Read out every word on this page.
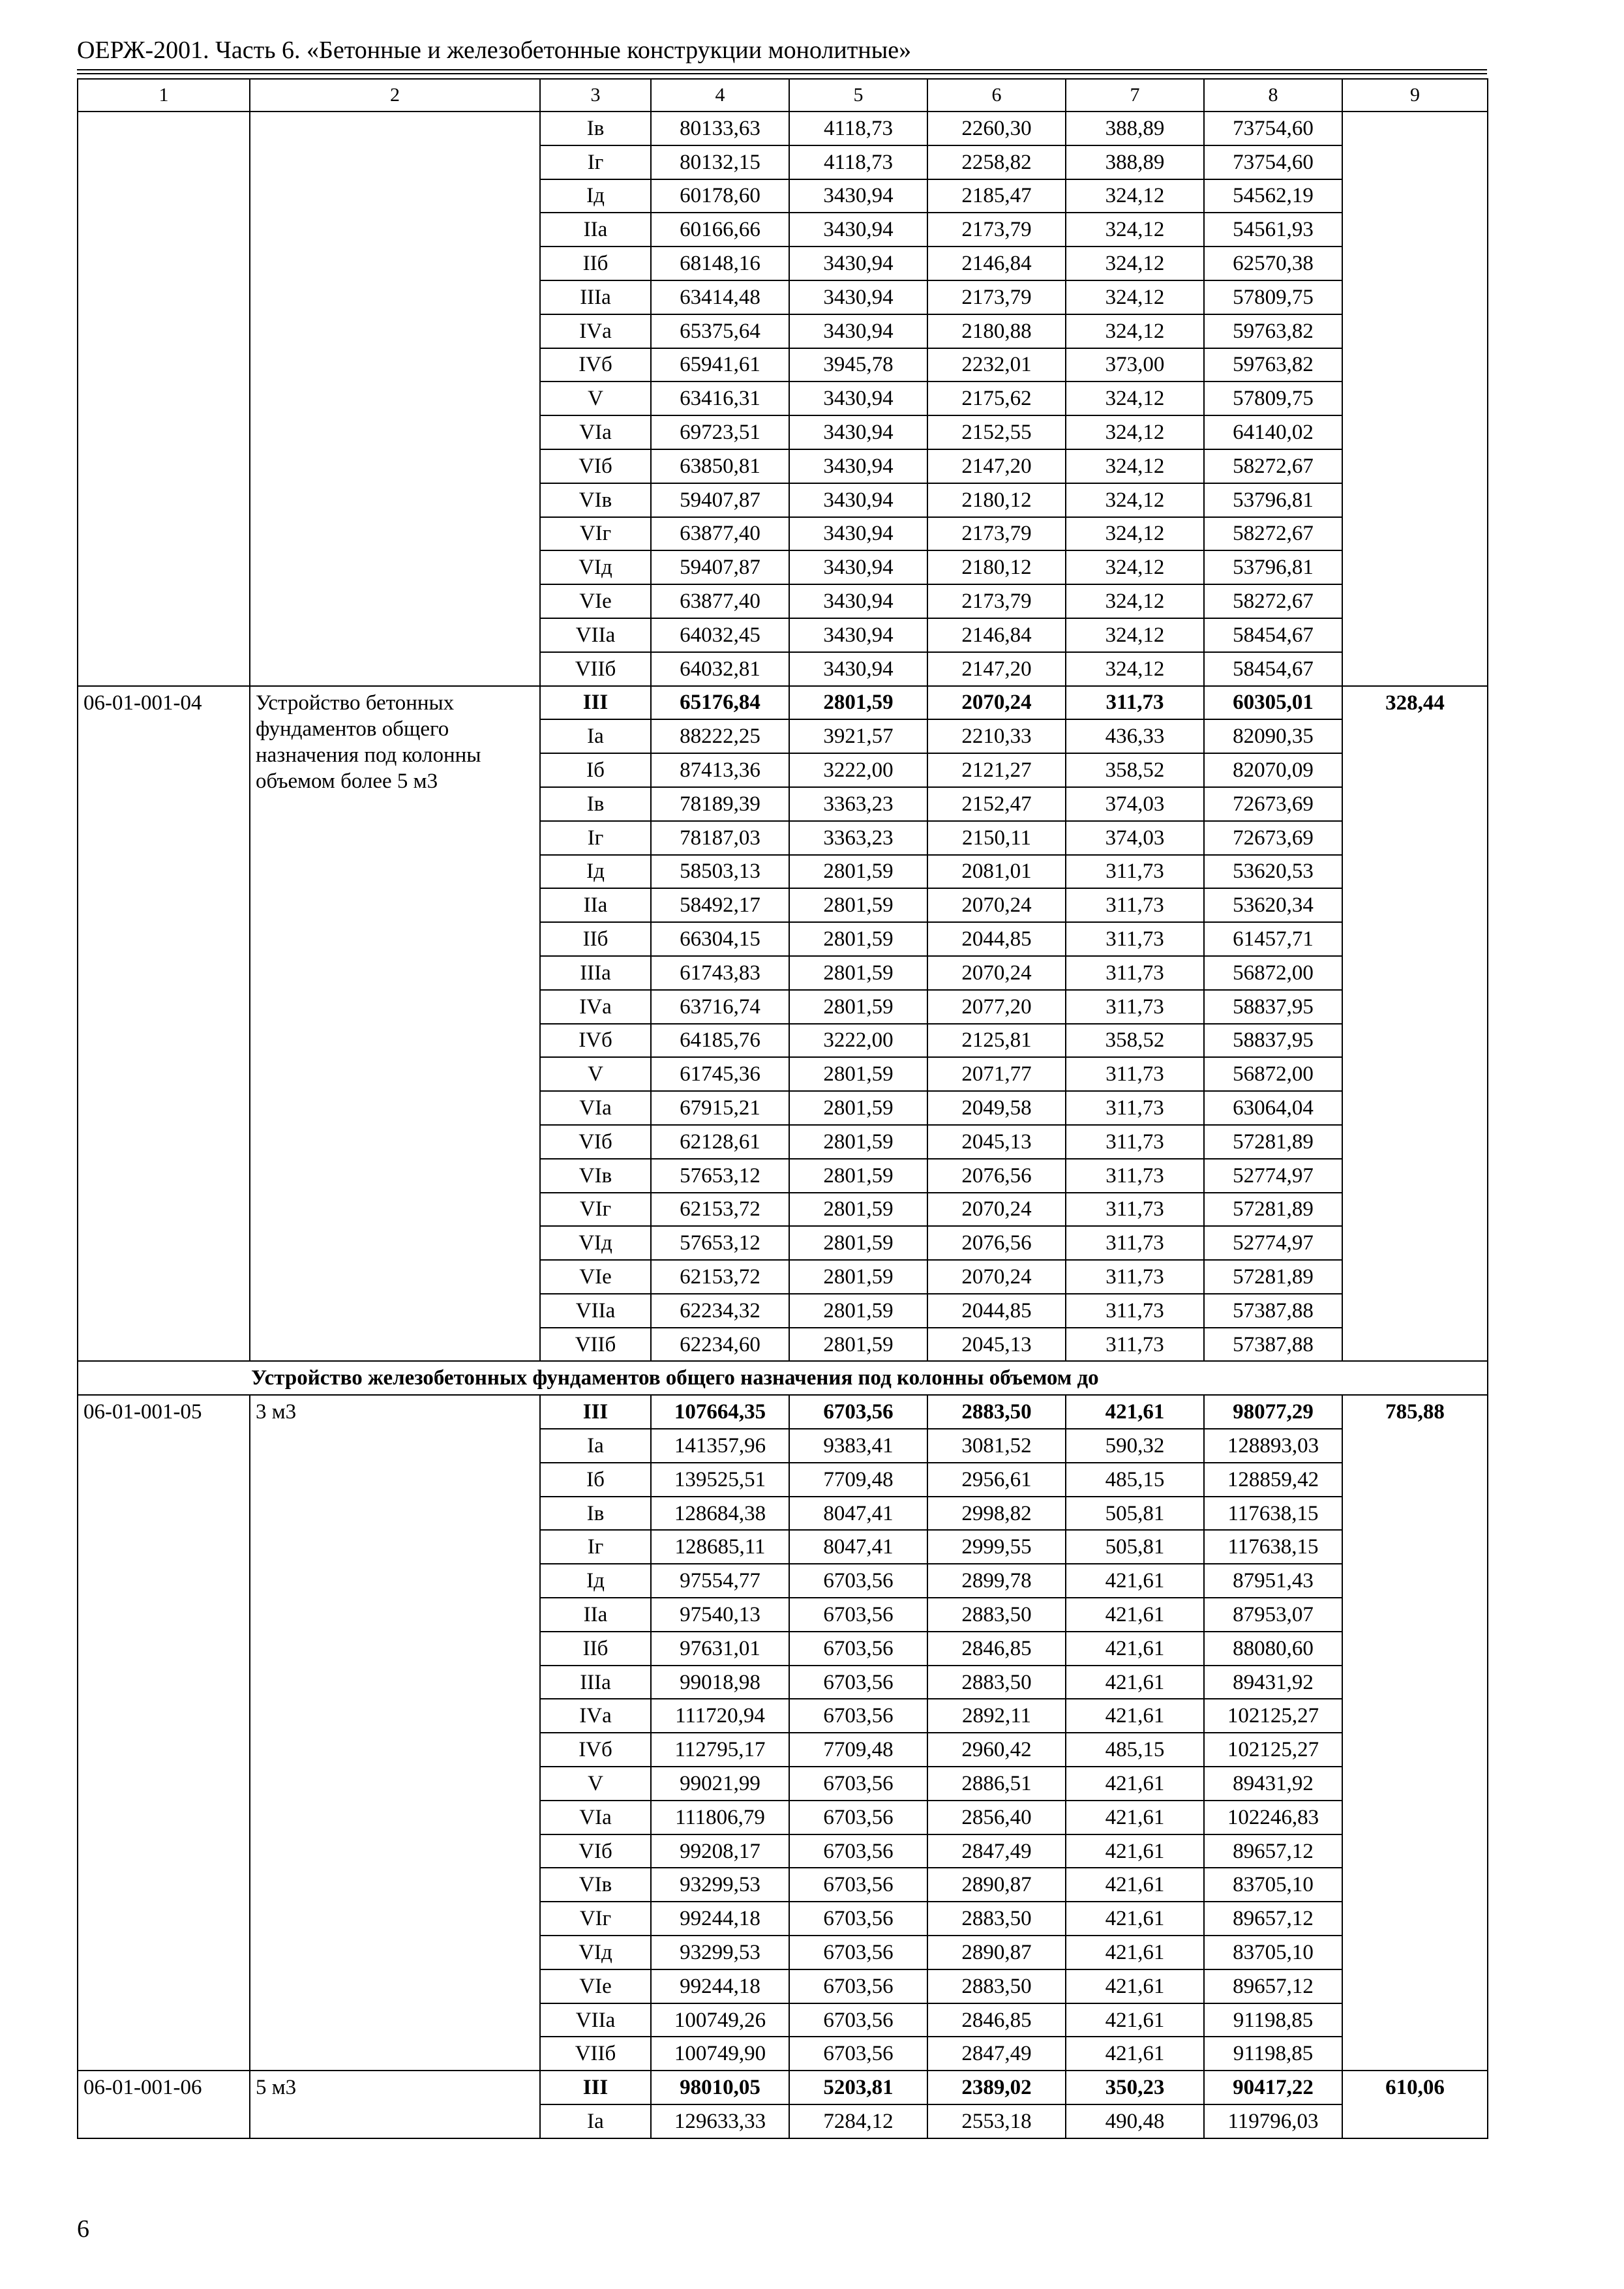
ОЕРЖ-2001. Часть 6. «Бетонные и железобетонные конструкции монолитные»
1	2	3	4	5	6	7	8	9
		Iв	80133,63	4118,73	2260,30	388,89	73754,60	
		Iг	80132,15	4118,73	2258,82	388,89	73754,60	
		Iд	60178,60	3430,94	2185,47	324,12	54562,19	
		IIа	60166,66	3430,94	2173,79	324,12	54561,93	
		IIб	68148,16	3430,94	2146,84	324,12	62570,38	
		IIIа	63414,48	3430,94	2173,79	324,12	57809,75	
		IVа	65375,64	3430,94	2180,88	324,12	59763,82	
		IVб	65941,61	3945,78	2232,01	373,00	59763,82	
		V	63416,31	3430,94	2175,62	324,12	57809,75	
		VIа	69723,51	3430,94	2152,55	324,12	64140,02	
		VIб	63850,81	3430,94	2147,20	324,12	58272,67	
		VIв	59407,87	3430,94	2180,12	324,12	53796,81	
		VIг	63877,40	3430,94	2173,79	324,12	58272,67	
		VIд	59407,87	3430,94	2180,12	324,12	53796,81	
		VIе	63877,40	3430,94	2173,79	324,12	58272,67	
		VIIа	64032,45	3430,94	2146,84	324,12	58454,67	
		VIIб	64032,81	3430,94	2147,20	324,12	58454,67	
06-01-001-04	Устройство бетонных
фундаментов общего
назначения под колонны
объемом более 5 м3	III	65176,84	2801,59	2070,24	311,73	60305,01	328,44
		Iа	88222,25	3921,57	2210,33	436,33	82090,35	
		Iб	87413,36	3222,00	2121,27	358,52	82070,09	
		Iв	78189,39	3363,23	2152,47	374,03	72673,69	
		Iг	78187,03	3363,23	2150,11	374,03	72673,69	
		Iд	58503,13	2801,59	2081,01	311,73	53620,53	
		IIа	58492,17	2801,59	2070,24	311,73	53620,34	
		IIб	66304,15	2801,59	2044,85	311,73	61457,71	
		IIIа	61743,83	2801,59	2070,24	311,73	56872,00	
		IVа	63716,74	2801,59	2077,20	311,73	58837,95	
		IVб	64185,76	3222,00	2125,81	358,52	58837,95	
		V	61745,36	2801,59	2071,77	311,73	56872,00	
		VIа	67915,21	2801,59	2049,58	311,73	63064,04	
		VIб	62128,61	2801,59	2045,13	311,73	57281,89	
		VIв	57653,12	2801,59	2076,56	311,73	52774,97	
		VIг	62153,72	2801,59	2070,24	311,73	57281,89	
		VIд	57653,12	2801,59	2076,56	311,73	52774,97	
		VIе	62153,72	2801,59	2070,24	311,73	57281,89	
		VIIа	62234,32	2801,59	2044,85	311,73	57387,88	
		VIIб	62234,60	2801,59	2045,13	311,73	57387,88	
Устройство железобетонных фундаментов общего назначения под колонны объемом до								
06-01-001-05	3 м3	III	107664,35	6703,56	2883,50	421,61	98077,29	785,88
		Iа	141357,96	9383,41	3081,52	590,32	128893,03	
		Iб	139525,51	7709,48	2956,61	485,15	128859,42	
		Iв	128684,38	8047,41	2998,82	505,81	117638,15	
		Iг	128685,11	8047,41	2999,55	505,81	117638,15	
		Iд	97554,77	6703,56	2899,78	421,61	87951,43	
		IIа	97540,13	6703,56	2883,50	421,61	87953,07	
		IIб	97631,01	6703,56	2846,85	421,61	88080,60	
		IIIа	99018,98	6703,56	2883,50	421,61	89431,92	
		IVа	111720,94	6703,56	2892,11	421,61	102125,27	
		IVб	112795,17	7709,48	2960,42	485,15	102125,27	
		V	99021,99	6703,56	2886,51	421,61	89431,92	
		VIа	111806,79	6703,56	2856,40	421,61	102246,83	
		VIб	99208,17	6703,56	2847,49	421,61	89657,12	
		VIв	93299,53	6703,56	2890,87	421,61	83705,10	
		VIг	99244,18	6703,56	2883,50	421,61	89657,12	
		VIд	93299,53	6703,56	2890,87	421,61	83705,10	
		VIе	99244,18	6703,56	2883,50	421,61	89657,12	
		VIIа	100749,26	6703,56	2846,85	421,61	91198,85	
		VIIб	100749,90	6703,56	2847,49	421,61	91198,85	
06-01-001-06	5 м3	III	98010,05	5203,81	2389,02	350,23	90417,22	610,06
		Iа	129633,33	7284,12	2553,18	490,48	119796,03	
6
